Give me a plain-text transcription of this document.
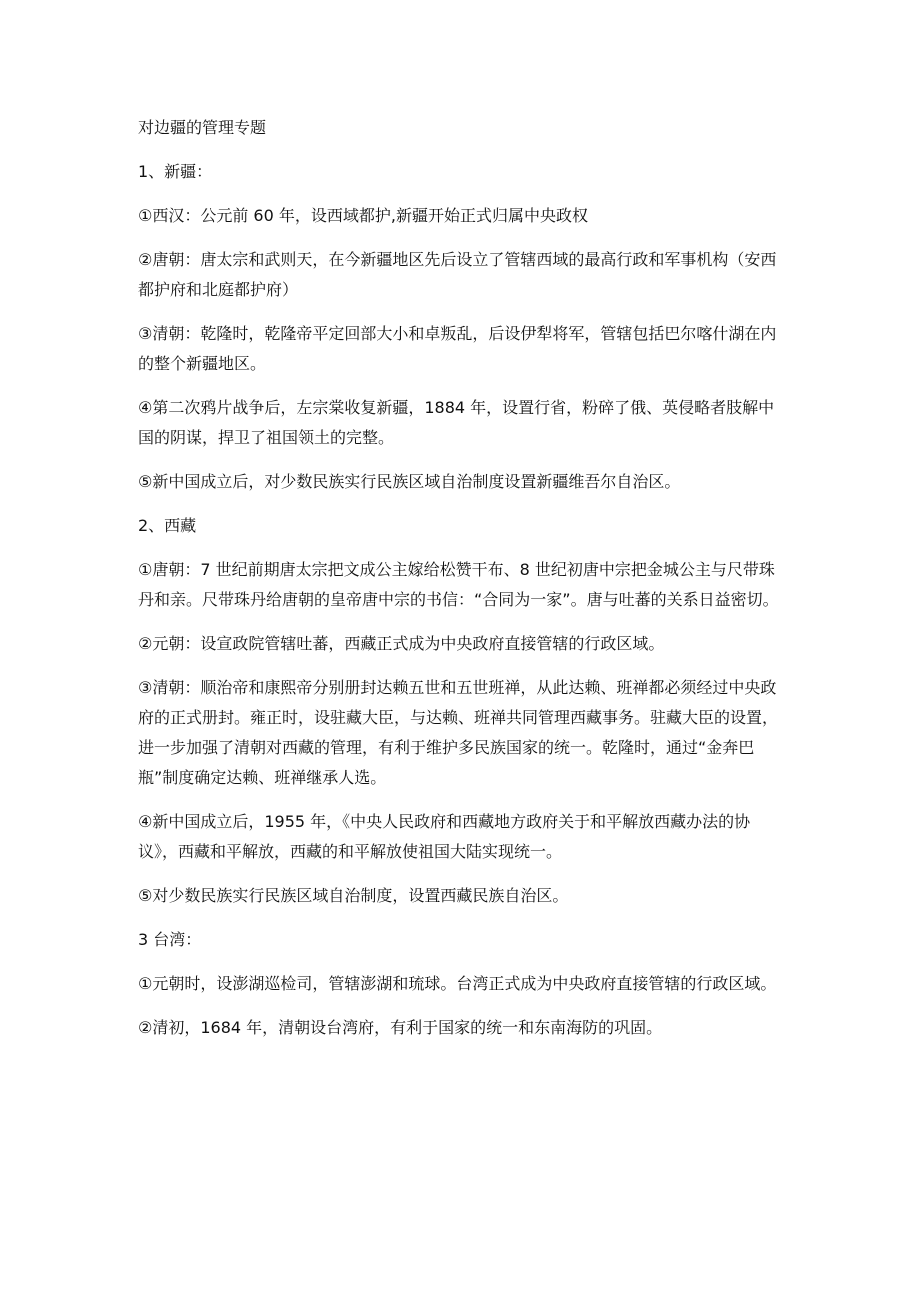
对边疆的管理专题

1、新疆：

①西汉：公元前 60 年，设西域都护,新疆开始正式归属中央政权

②唐朝：唐太宗和武则天，在今新疆地区先后设立了管辖西域的最高行政和军事机构（安西都护府和北庭都护府）

③清朝：乾隆时，乾隆帝平定回部大小和卓叛乱，后设伊犁将军，管辖包括巴尔喀什湖在内的整个新疆地区。

④第二次鸦片战争后，左宗棠收复新疆，1884 年，设置行省，粉碎了俄、英侵略者肢解中国的阴谋，捍卫了祖国领土的完整。

⑤新中国成立后，对少数民族实行民族区域自治制度设置新疆维吾尔自治区。

2、西藏

①唐朝：7 世纪前期唐太宗把文成公主嫁给松赞干布、8 世纪初唐中宗把金城公主与尺带珠丹和亲。尺带珠丹给唐朝的皇帝唐中宗的书信：“合同为一家”。唐与吐蕃的关系日益密切。

②元朝：设宣政院管辖吐蕃，西藏正式成为中央政府直接管辖的行政区域。

③清朝：顺治帝和康熙帝分别册封达赖五世和五世班禅，从此达赖、班禅都必须经过中央政府的正式册封。雍正时，设驻藏大臣，与达赖、班禅共同管理西藏事务。驻藏大臣的设置，进一步加强了清朝对西藏的管理，有利于维护多民族国家的统一。乾隆时，通过“金奔巴瓶”制度确定达赖、班禅继承人选。

④新中国成立后，1955 年，《中央人民政府和西藏地方政府关于和平解放西藏办法的协议》，西藏和平解放，西藏的和平解放使祖国大陆实现统一。

⑤对少数民族实行民族区域自治制度，设置西藏民族自治区。

3 台湾：

①元朝时，设澎湖巡检司，管辖澎湖和琉球。台湾正式成为中央政府直接管辖的行政区域。

②清初，1684 年，清朝设台湾府，有利于国家的统一和东南海防的巩固。
